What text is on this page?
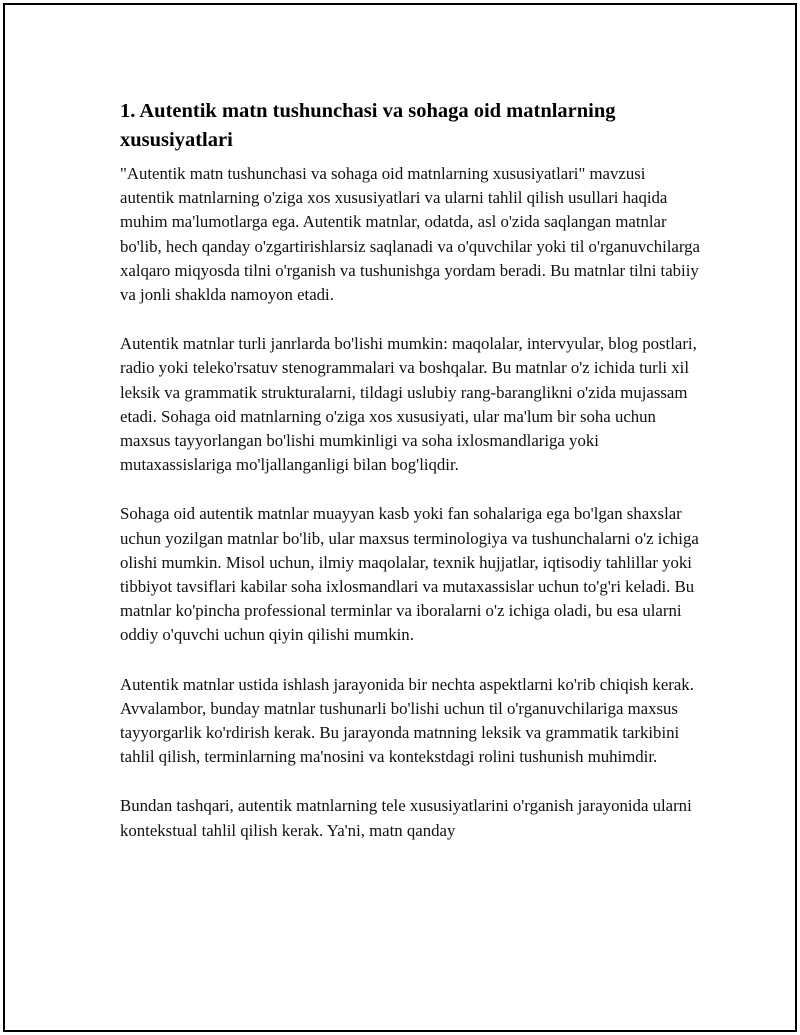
1. Autentik matn tushunchasi va sohaga oid matnlarning xususiyatlari

"Autentik matn tushunchasi va sohaga oid matnlarning xususiyatlari" mavzusi autentik matnlarning o'ziga xos xususiyatlari va ularni tahlil qilish usullari haqida muhim ma'lumotlarga ega. Autentik matnlar, odatda, asl o'zida saqlangan matnlar bo'lib, hech qanday o'zgartirishlarsiz saqlanadi va o'quvchilar yoki til o'rganuvchilarga xalqaro miqyosda tilni o'rganish va tushunishga yordam beradi. Bu matnlar tilni tabiiy va jonli shaklda namoyon etadi.

Autentik matnlar turli janrlarda bo'lishi mumkin: maqolalar, intervyular, blog postlari, radio yoki teleko'rsatuv stenogrammalari va boshqalar. Bu matnlar o'z ichida turli xil leksik va grammatik strukturalarni, tildagi uslubiy rang-baranglikni o'zida mujassam etadi. Sohaga oid matnlarning o'ziga xos xususiyati, ular ma'lum bir soha uchun maxsus tayyorlangan bo'lishi mumkinligi va soha ixlosmandlariga yoki mutaxassislariga mo'ljallanganligi bilan bog'liqdir.

Sohaga oid autentik matnlar muayyan kasb yoki fan sohalariga ega bo'lgan shaxslar uchun yozilgan matnlar bo'lib, ular maxsus terminologiya va tushunchalarni o'z ichiga olishi mumkin. Misol uchun, ilmiy maqolalar, texnik hujjatlar, iqtisodiy tahlillar yoki tibbiyot tavsiflari kabilar soha ixlosmandlari va mutaxassislar uchun to'g'ri keladi. Bu matnlar ko'pincha professional terminlar va iboralarni o'z ichiga oladi, bu esa ularni oddiy o'quvchi uchun qiyin qilishi mumkin.

Autentik matnlar ustida ishlash jarayonida bir nechta aspektlarni ko'rib chiqish kerak. Avvalambor, bunday matnlar tushunarli bo'lishi uchun til o'rganuvchilariga maxsus tayyorgarlik ko'rdirish kerak. Bu jarayonda matnning leksik va grammatik tarkibini tahlil qilish, terminlarning ma'nosini va kontekstdagi rolini tushunish muhimdir.

Bundan tashqari, autentik matnlarning tele xususiyatlarini o'rganish jarayonida ularni kontekstual tahlil qilish kerak. Ya'ni, matn qanday
